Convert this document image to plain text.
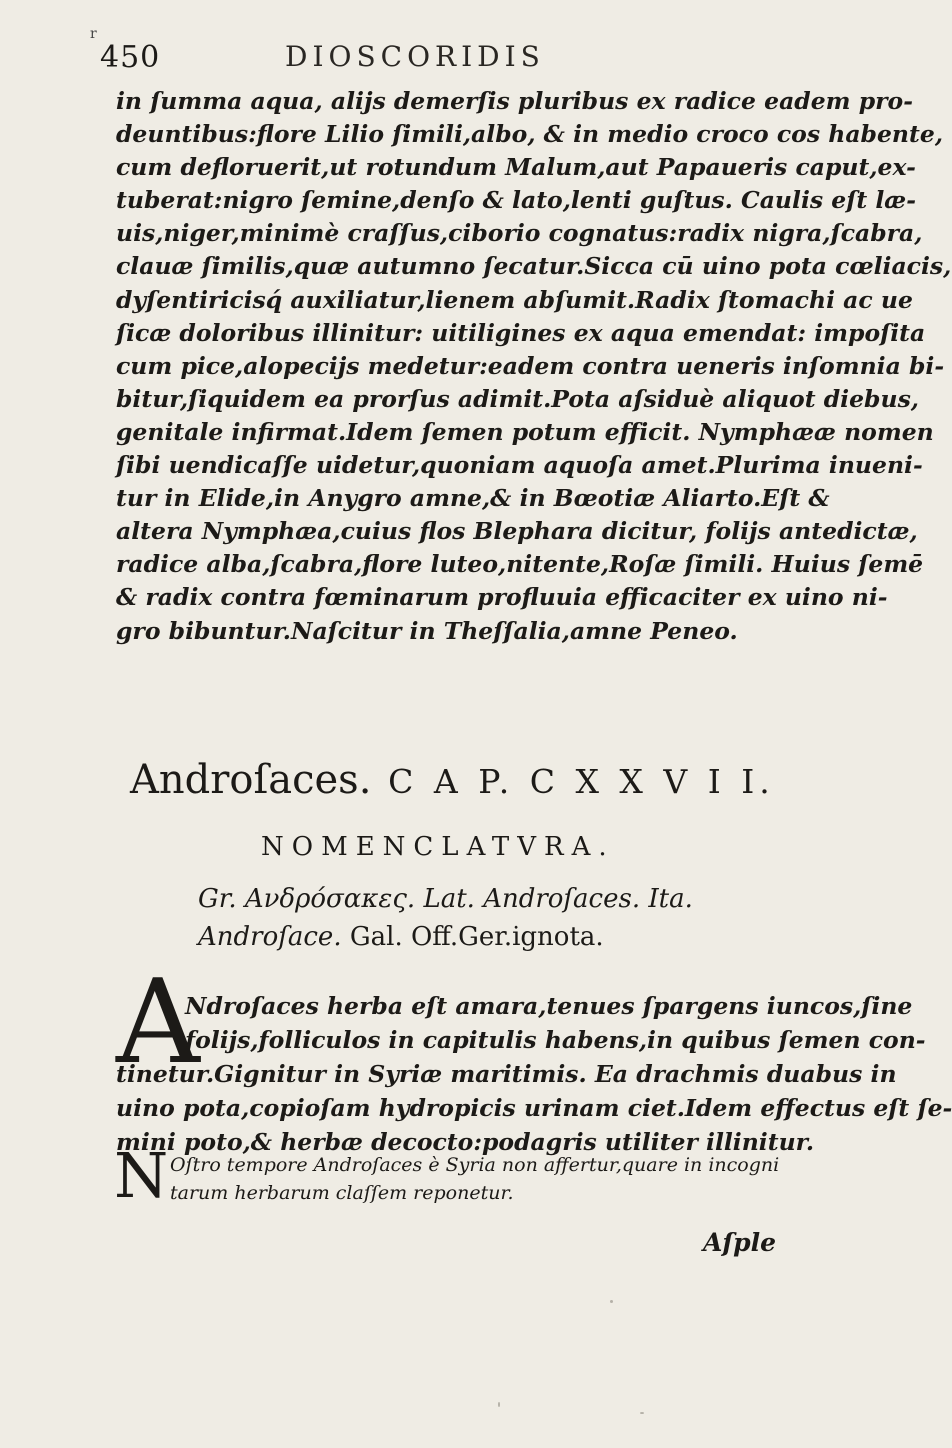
r
450	DIOSCORIDIS
in ſumma aqua, alijs demerſis pluribus ex radice eadem pro-
deuntibus:flore Lilio ſimili,albo, & in medio croco cos habente,
cum defloruerit,ut rotundum Malum,aut Papaueris caput,ex-
tuberat:nigro ſemine,denſo & lato,lenti guſtus. Caulis eſt læ-
uis,niger,minimè craſſus,ciborio cognatus:radix nigra,ſcabra,
clauæ ſimilis,quæ autumno ſecatur.Sicca cū uino pota cœliacis,
dyſentiricisq́ auxiliatur,lienem abſumit.Radix ſtomachi ac ue
ſicæ doloribus illinitur: uitiligines ex aqua emendat: impoſita
cum pice,alopecijs medetur:eadem contra ueneris inſomnia bi-
bitur,ſiquidem ea prorſus adimit.Pota aſsiduè aliquot diebus,
genitale infirmat.Idem ſemen potum efficit. Nymphææ nomen
ſibi uendicaſſe uidetur,quoniam aquoſa amet.Plurima inueni-
tur in Elide,in Anygro amne,& in Bœotiæ Aliarto.Eſt &
altera Nymphæa,cuius flos Blephara dicitur, folijs antedictæ,
radice alba,ſcabra,flore luteo,nitente,Roſæ ſimili. Huius ſemē
& radix contra fœminarum profluuia efficaciter ex uino ni-
gro bibuntur.Naſcitur in Theſſalia,amne Peneo.
Androſaces. C A P. C X X V I I.
NOMENCLATVRA.
Gr. Ανδρόσακες. Lat. Androſaces. Ita.
Androſace. Gal. Off.Ger.ignota.
A
Ndroſaces herba eſt amara,tenues ſpargens iuncos,ſine
folijs,folliculos in capitulis habens,in quibus ſemen con-
tinetur.Gignitur in Syriæ maritimis. Ea drachmis duabus in
uino pota,copioſam hydropicis urinam ciet.Idem effectus eſt ſe-
mini poto,& herbæ decocto:podagris utiliter illinitur.
N Oſtro tempore Androſaces è Syria non affertur,quare in incogni
tarum herbarum claſſem reponetur.
Aſple
